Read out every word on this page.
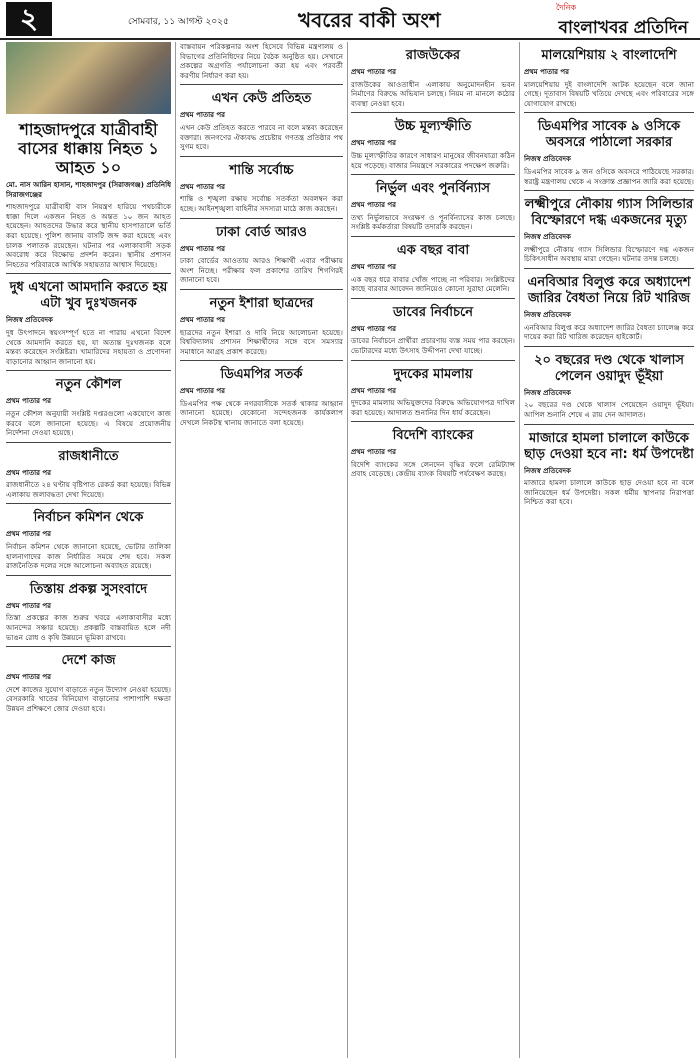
২	সোমবার, ১১ আগস্ট ২০২৫	খবরের বাকী অংশ
দৈনিক
বাংলাখবর প্রতিদিন
শাহজাদপুরে যাত্রীবাহী বাসের ধাক্কায় নিহত ১ আহত ১০
মো. নাস আরিন হাসান, শাহজাদপুর (সিরাজগঞ্জ) প্রতিনিধি সিরাজগঞ্জের

শাহজাদপুরে যাত্রীবাহী বাস নিয়ন্ত্রণ হারিয়ে পথচারীকে ধাক্কা দিলে একজন নিহত ও অন্তত ১০ জন আহত হয়েছেন। আহতদের উদ্ধার করে স্থানীয় হাসপাতালে ভর্তি করা হয়েছে। পুলিশ জানায় বাসটি জব্দ করা হয়েছে এবং চালক পলাতক রয়েছেন। ঘটনার পর এলাকাবাসী সড়ক অবরোধ করে বিক্ষোভ প্রদর্শন করেন। স্থানীয় প্রশাসন নিহতের পরিবারকে আর্থিক সহায়তার আশ্বাস দিয়েছে।

দুধ এখনো আমদানি করতে হয় এটা খুব দুঃখজনক
নিজস্ব প্রতিবেদক

দুধ উৎপাদনে স্বয়ংসম্পূর্ণ হতে না পারায় এখনো বিদেশ থেকে আমদানি করতে হয়, যা অত্যন্ত দুঃখজনক বলে মন্তব্য করেছেন সংশ্লিষ্টরা। খামারিদের সহায়তা ও প্রণোদনা বাড়ানোর আহ্বান জানানো হয়।

নতুন কৌশল
প্রথম পাতার পর

নতুন কৌশল অনুযায়ী সংশ্লিষ্ট দপ্তরগুলো একযোগে কাজ করবে বলে জানানো হয়েছে। এ বিষয়ে প্রয়োজনীয় নির্দেশনা দেওয়া হয়েছে।

রাজধানীতে
প্রথম পাতার পর

রাজধানীতে ২৪ ঘণ্টায় বৃষ্টিপাত রেকর্ড করা হয়েছে। বিভিন্ন এলাকায় জলাবদ্ধতা দেখা দিয়েছে।

নির্বাচন কমিশন থেকে
প্রথম পাতার পর

নির্বাচন কমিশন থেকে জানানো হয়েছে, ভোটার তালিকা হালনাগাদের কাজ নির্ধারিত সময়ে শেষ হবে। সকল রাজনৈতিক দলের সঙ্গে আলোচনা অব্যাহত রয়েছে।

তিস্তায় প্রকল্প সুসংবাদে
প্রথম পাতার পর

তিস্তা প্রকল্পের কাজ শুরুর খবরে এলাকাবাসীর মধ্যে আনন্দের সঞ্চার হয়েছে। প্রকল্পটি বাস্তবায়িত হলে নদী ভাঙন রোধ ও কৃষি উন্নয়নে ভূমিকা রাখবে।

দেশে কাজ
প্রথম পাতার পর

দেশে কাজের সুযোগ বাড়াতে নতুন উদ্যোগ নেওয়া হয়েছে। বেসরকারি খাতের বিনিয়োগ বাড়ানোর পাশাপাশি দক্ষতা উন্নয়ন প্রশিক্ষণে জোর দেওয়া হবে।

বাস্তবায়ন পরিকল্পনার অংশ হিসেবে বিভিন্ন মন্ত্রণালয় ও বিভাগের প্রতিনিধিদের নিয়ে বৈঠক অনুষ্ঠিত হয়। সেখানে প্রকল্পের অগ্রগতি পর্যালোচনা করা হয় এবং পরবর্তী করণীয় নির্ধারণ করা হয়।

এখন কেউ প্রতিহত
প্রথম পাতার পর

এখন কেউ প্রতিহত করতে পারবে না বলে মন্তব্য করেছেন বক্তারা। জনগণের ঐক্যবদ্ধ প্রচেষ্টায় গণতন্ত্র প্রতিষ্ঠার পথ সুগম হবে।

শান্তি সর্বোচ্চ
প্রথম পাতার পর

শান্তি ও শৃঙ্খলা রক্ষায় সর্বোচ্চ সতর্কতা অবলম্বন করা হচ্ছে। আইনশৃঙ্খলা বাহিনীর সদস্যরা মাঠে কাজ করছেন।

ঢাকা বোর্ড আরও
প্রথম পাতার পর

ঢাকা বোর্ডের আওতায় আরও শিক্ষার্থী এবার পরীক্ষায় অংশ নিচ্ছে। পরীক্ষার ফল প্রকাশের তারিখ শিগগিরই জানানো হবে।

নতুন ইশারা ছাত্রদের
প্রথম পাতার পর

ছাত্রদের নতুন ইশারা ও দাবি নিয়ে আলোচনা হয়েছে। বিশ্ববিদ্যালয় প্রশাসন শিক্ষার্থীদের সঙ্গে বসে সমস্যার সমাধানে আগ্রহ প্রকাশ করেছে।

ডিএমপির সতর্ক
প্রথম পাতার পর

ডিএমপির পক্ষ থেকে নগরবাসীকে সতর্ক থাকার আহ্বান জানানো হয়েছে। যেকোনো সন্দেহজনক কার্যকলাপ দেখলে নিকটস্থ থানায় জানাতে বলা হয়েছে।

রাজউকের
প্রথম পাতার পর

রাজউকের আওতাধীন এলাকায় অনুমোদনহীন ভবন নির্মাণের বিরুদ্ধে অভিযান চলছে। নিয়ম না মানলে কঠোর ব্যবস্থা নেওয়া হবে।

উচ্চ মূল্যস্ফীতি
প্রথম পাতার পর

উচ্চ মূল্যস্ফীতির কারণে সাধারণ মানুষের জীবনযাত্রা কঠিন হয়ে পড়েছে। বাজার নিয়ন্ত্রণে সরকারের পদক্ষেপ জরুরি।

নির্ভুল এবং পুনর্বিন্যাস
প্রথম পাতার পর

তথ্য নির্ভুলভাবে সংরক্ষণ ও পুনর্বিন্যাসের কাজ চলছে। সংশ্লিষ্ট কর্মকর্তারা বিষয়টি তদারকি করছেন।

এক বছর বাবা
প্রথম পাতার পর

এক বছর ধরে বাবার খোঁজ পাচ্ছে না পরিবার। সংশ্লিষ্টদের কাছে বারবার আবেদন জানিয়েও কোনো সুরাহা মেলেনি।

ডাবের নির্বাচনে
প্রথম পাতার পর

ডাবের নির্বাচনে প্রার্থীরা প্রচারণায় ব্যস্ত সময় পার করছেন। ভোটারদের মধ্যে উৎসাহ উদ্দীপনা দেখা যাচ্ছে।

দুদকের মামলায়
প্রথম পাতার পর

দুদকের মামলায় অভিযুক্তদের বিরুদ্ধে অভিযোগপত্র দাখিল করা হয়েছে। আদালত শুনানির দিন ধার্য করেছেন।

বিদেশি ব্যাংকের
প্রথম পাতার পর

বিদেশি ব্যাংকের সঙ্গে লেনদেন বৃদ্ধির ফলে রেমিট্যান্স প্রবাহ বেড়েছে। কেন্দ্রীয় ব্যাংক বিষয়টি পর্যবেক্ষণ করছে।

মালয়েশিয়ায় ২ বাংলাদেশি
প্রথম পাতার পর

মালয়েশিয়ায় দুই বাংলাদেশি আটক হয়েছেন বলে জানা গেছে। দূতাবাস বিষয়টি খতিয়ে দেখছে এবং পরিবারের সঙ্গে যোগাযোগ রাখছে।

ডিএমপির সাবেক ৯ ওসিকে অবসরে পাঠালো সরকার
নিজস্ব প্রতিবেদক

ডিএমপির সাবেক ৯ জন ওসিকে অবসরে পাঠিয়েছে সরকার। স্বরাষ্ট্র মন্ত্রণালয় থেকে এ সংক্রান্ত প্রজ্ঞাপন জারি করা হয়েছে।

লক্ষ্মীপুরে নৌকায় গ্যাস সিলিন্ডার বিস্ফোরণে দগ্ধ একজনের মৃত্যু
নিজস্ব প্রতিবেদক

লক্ষ্মীপুরে নৌকায় গ্যাস সিলিন্ডার বিস্ফোরণে দগ্ধ একজন চিকিৎসাধীন অবস্থায় মারা গেছেন। ঘটনার তদন্ত চলছে।

এনবিআর বিলুপ্ত করে অধ্যাদেশ জারির বৈধতা নিয়ে রিট খারিজ
নিজস্ব প্রতিবেদক

এনবিআর বিলুপ্ত করে অধ্যাদেশ জারির বৈধতা চ্যালেঞ্জ করে দায়ের করা রিট খারিজ করেছেন হাইকোর্ট।

২০ বছরের দণ্ড থেকে খালাস পেলেন ওয়াদুদ ভূঁইয়া
নিজস্ব প্রতিবেদক

২০ বছরের দণ্ড থেকে খালাস পেয়েছেন ওয়াদুদ ভূঁইয়া। আপিল শুনানি শেষে এ রায় দেন আদালত।

মাজারে হামলা চালালে কাউকে ছাড় দেওয়া হবে না: ধর্ম উপদেষ্টা
নিজস্ব প্রতিবেদক

মাজারে হামলা চালালে কাউকে ছাড় দেওয়া হবে না বলে জানিয়েছেন ধর্ম উপদেষ্টা। সকল ধর্মীয় স্থাপনার নিরাপত্তা নিশ্চিত করা হবে।
